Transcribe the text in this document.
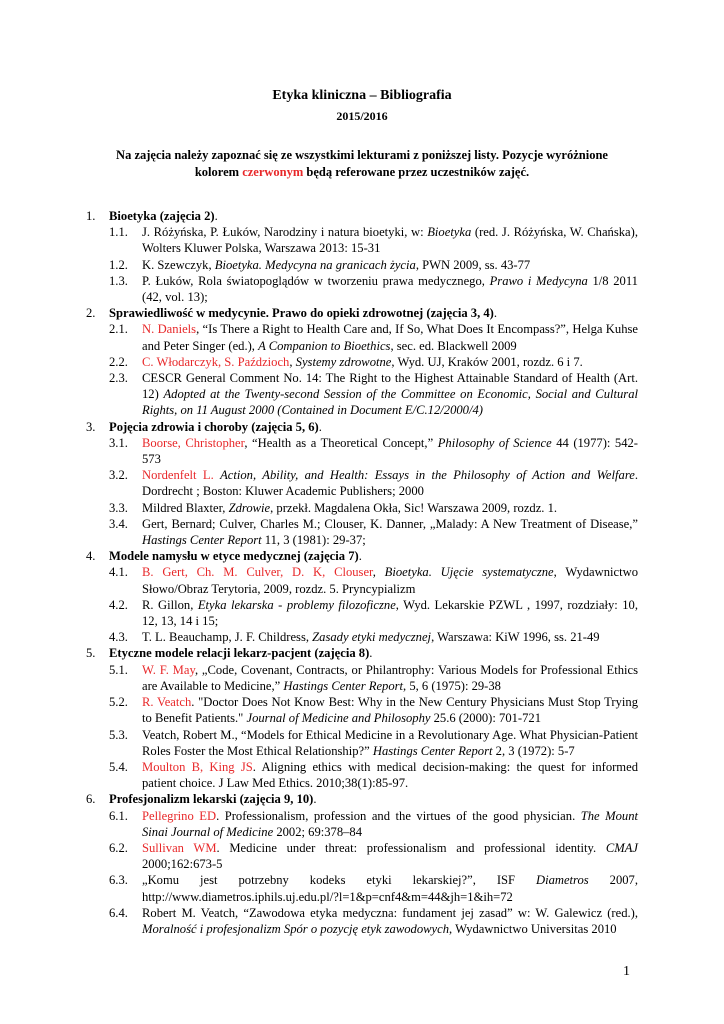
Etyka kliniczna – Bibliografia
2015/2016
Na zajęcia należy zapoznać się ze wszystkimi lekturami z poniższej listy. Pozycje wyróżnione kolorem czerwonym będą referowane przez uczestników zajęć.
1. Bioetyka (zajęcia 2).
1.1. J. Różyńska, P. Łuków, Narodziny i natura bioetyki, w: Bioetyka (red. J. Różyńska, W. Chańska), Wolters Kluwer Polska, Warszawa 2013: 15-31
1.2. K. Szewczyk, Bioetyka. Medycyna na granicach życia, PWN 2009, ss. 43-77
1.3. P. Łuków, Rola światopoglądów w tworzeniu prawa medycznego, Prawo i Medycyna 1/8 2011 (42, vol. 13);
2. Sprawiedliwość w medycynie. Prawo do opieki zdrowotnej (zajęcia 3, 4).
2.1. N. Daniels, “Is There a Right to Health Care and, If So, What Does It Encompass?”, Helga Kuhse and Peter Singer (ed.), A Companion to Bioethics, sec. ed. Blackwell 2009
2.2. C. Włodarczyk, S. Paździoch, Systemy zdrowotne, Wyd. UJ, Kraków 2001, rozdz. 6 i 7.
2.3. CESCR General Comment No. 14: The Right to the Highest Attainable Standard of Health (Art. 12) Adopted at the Twenty-second Session of the Committee on Economic, Social and Cultural Rights, on 11 August 2000 (Contained in Document E/C.12/2000/4)
3. Pojęcia zdrowia i choroby (zajęcia 5, 6).
3.1. Boorse, Christopher, “Health as a Theoretical Concept,” Philosophy of Science 44 (1977): 542-573
3.2. Nordenfelt L. Action, Ability, and Health: Essays in the Philosophy of Action and Welfare. Dordrecht ; Boston: Kluwer Academic Publishers; 2000
3.3. Mildred Blaxter, Zdrowie, przekł. Magdalena Okła, Sic! Warszawa 2009, rozdz. 1.
3.4. Gert, Bernard; Culver, Charles M.; Clouser, K. Danner, „Malady: A New Treatment of Disease,” Hastings Center Report 11, 3 (1981): 29-37;
4. Modele namysłu w etyce medycznej (zajęcia 7).
4.1. B. Gert, Ch. M. Culver, D. K, Clouser, Bioetyka. Ujęcie systematyczne, Wydawnictwo Słowo/Obraz Terytoria, 2009, rozdz. 5. Pryncypializm
4.2. R. Gillon, Etyka lekarska - problemy filozoficzne, Wyd. Lekarskie PZWL , 1997, rozdziały: 10, 12, 13, 14 i 15;
4.3. T. L. Beauchamp, J. F. Childress, Zasady etyki medycznej, Warszawa: KiW 1996, ss. 21-49
5. Etyczne modele relacji lekarz-pacjent (zajęcia 8).
5.1. W. F. May, „Code, Covenant, Contracts, or Philantrophy: Various Models for Professional Ethics are Available to Medicine,” Hastings Center Report, 5, 6 (1975): 29-38
5.2. R. Veatch. "Doctor Does Not Know Best: Why in the New Century Physicians Must Stop Trying to Benefit Patients." Journal of Medicine and Philosophy 25.6 (2000): 701-721
5.3. Veatch, Robert M., “Models for Ethical Medicine in a Revolutionary Age. What Physician-Patient Roles Foster the Most Ethical Relationship?” Hastings Center Report 2, 3 (1972): 5-7
5.4. Moulton B, King JS. Aligning ethics with medical decision-making: the quest for informed patient choice. J Law Med Ethics. 2010;38(1):85-97.
6. Profesjonalizm lekarski (zajęcia 9, 10).
6.1. Pellegrino ED. Professionalism, profession and the virtues of the good physician. The Mount Sinai Journal of Medicine 2002; 69:378–84
6.2. Sullivan WM. Medicine under threat: professionalism and professional identity. CMAJ 2000;162:673-5
6.3. „Komu jest potrzebny kodeks etyki lekarskiej?”, ISF Diametros 2007, http://www.diametros.iphils.uj.edu.pl/?l=1&p=cnf4&m=44&jh=1&ih=72
6.4. Robert M. Veatch, “Zawodowa etyka medyczna: fundament jej zasad” w: W. Galewicz (red.), Moralność i profesjonalizm Spór o pozycję etyk zawodowych, Wydawnictwo Universitas 2010
1
